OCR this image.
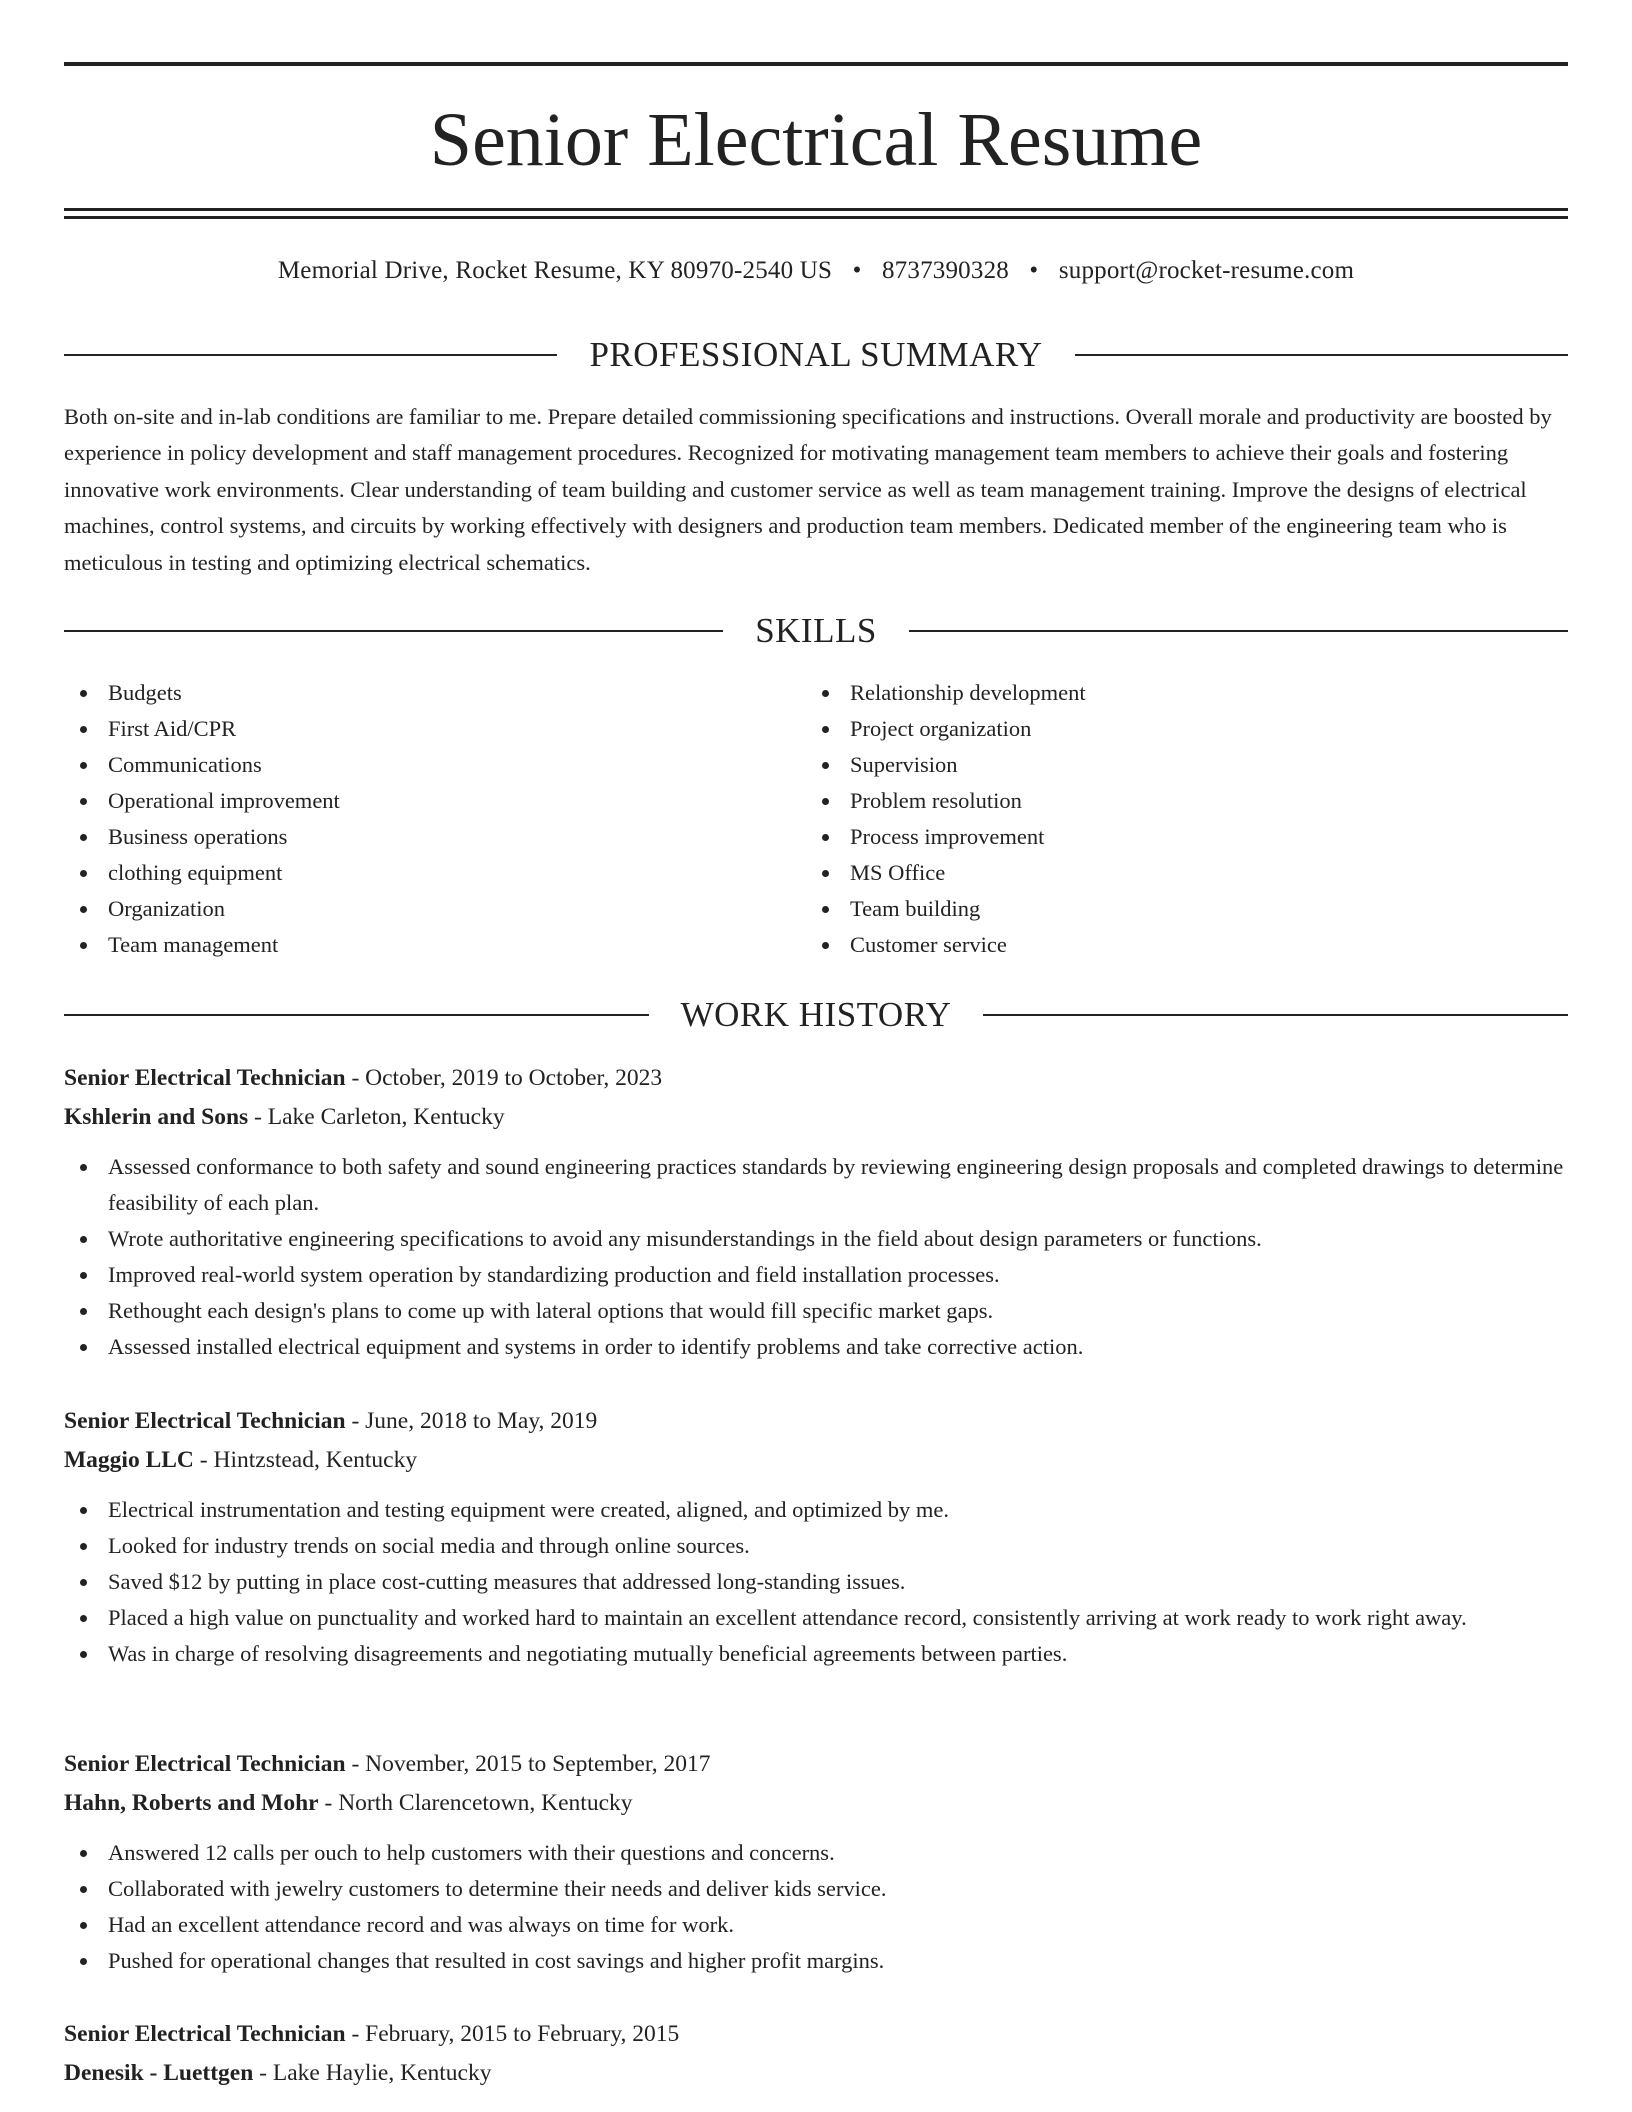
Senior Electrical Resume
Memorial Drive, Rocket Resume, KY 80970-2540 US • 8737390328 • support@rocket-resume.com
PROFESSIONAL SUMMARY

Both on-site and in-lab conditions are familiar to me. Prepare detailed commissioning specifications and instructions. Overall morale and productivity are boosted by experience in policy development and staff management procedures. Recognized for motivating management team members to achieve their goals and fostering innovative work environments. Clear understanding of team building and customer service as well as team management training. Improve the designs of electrical machines, control systems, and circuits by working effectively with designers and production team members. Dedicated member of the engineering team who is meticulous in testing and optimizing electrical schematics.

SKILLS
Budgets
First Aid/CPR
Communications
Operational improvement
Business operations
clothing equipment
Organization
Team management
Relationship development
Project organization
Supervision
Problem resolution
Process improvement
MS Office
Team building
Customer service
WORK HISTORY
Senior Electrical Technician - October, 2019 to October, 2023
Kshlerin and Sons - Lake Carleton, Kentucky
Assessed conformance to both safety and sound engineering practices standards by reviewing engineering design proposals and completed drawings to determine feasibility of each plan.
Wrote authoritative engineering specifications to avoid any misunderstandings in the field about design parameters or functions.
Improved real-world system operation by standardizing production and field installation processes.
Rethought each design's plans to come up with lateral options that would fill specific market gaps.
Assessed installed electrical equipment and systems in order to identify problems and take corrective action.
Senior Electrical Technician - June, 2018 to May, 2019
Maggio LLC - Hintzstead, Kentucky
Electrical instrumentation and testing equipment were created, aligned, and optimized by me.
Looked for industry trends on social media and through online sources.
Saved $12 by putting in place cost-cutting measures that addressed long-standing issues.
Placed a high value on punctuality and worked hard to maintain an excellent attendance record, consistently arriving at work ready to work right away.
Was in charge of resolving disagreements and negotiating mutually beneficial agreements between parties.
Senior Electrical Technician - November, 2015 to September, 2017
Hahn, Roberts and Mohr - North Clarencetown, Kentucky
Answered 12 calls per ouch to help customers with their questions and concerns.
Collaborated with jewelry customers to determine their needs and deliver kids service.
Had an excellent attendance record and was always on time for work.
Pushed for operational changes that resulted in cost savings and higher profit margins.
Senior Electrical Technician - February, 2015 to February, 2015
Denesik - Luettgen - Lake Haylie, Kentucky
